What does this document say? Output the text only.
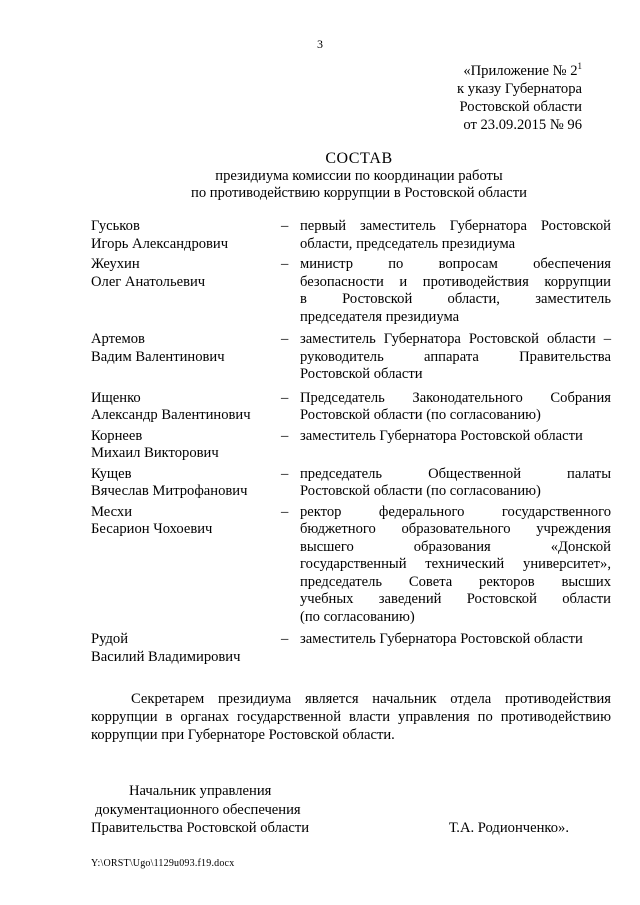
3
«Приложение № $2^1$
к указу Губернатора
Ростовской области
от 23.09.2015 № 96
СОСТАВ
президиума комиссии по координации работы
по противодействию коррупции в Ростовской области
Гуськов
Игорь Александрович
– первый заместитель Губернатора Ростовской
области, председатель президиума
Жеухин
Олег Анатольевич
– министр по вопросам обеспечения
безопасности и противодействия коррупции
в Ростовской области, заместитель
председателя президиума
Артемов
Вадим Валентинович
– заместитель Губернатора Ростовской области –
руководитель аппарата Правительства
Ростовской области
Ищенко
Александр Валентинович
– Председатель Законодательного Собрания
Ростовской области (по согласованию)
Корнеев
Михаил Викторович
– заместитель Губернатора Ростовской области
Кущев
Вячеслав Митрофанович
– председатель Общественной палаты
Ростовской области (по согласованию)
Месхи
Бесарион Чохоевич
– ректор федерального государственного
бюджетного образовательного учреждения
высшего образования «Донской
государственный технический университет»,
председатель Совета ректоров высших
учебных заведений Ростовской области
(по согласованию)
Рудой
Василий Владимирович
– заместитель Губернатора Ростовской области
Секретарем президиума является начальник отдела противодействия
коррупции в органах государственной власти управления по противодействию
коррупции при Губернаторе Ростовской области.
Начальник управления
документационного обеспечения
Правительства Ростовской области	Т.А. Родионченко».
Y:\ORST\Ugo\1129u093.f19.docx
